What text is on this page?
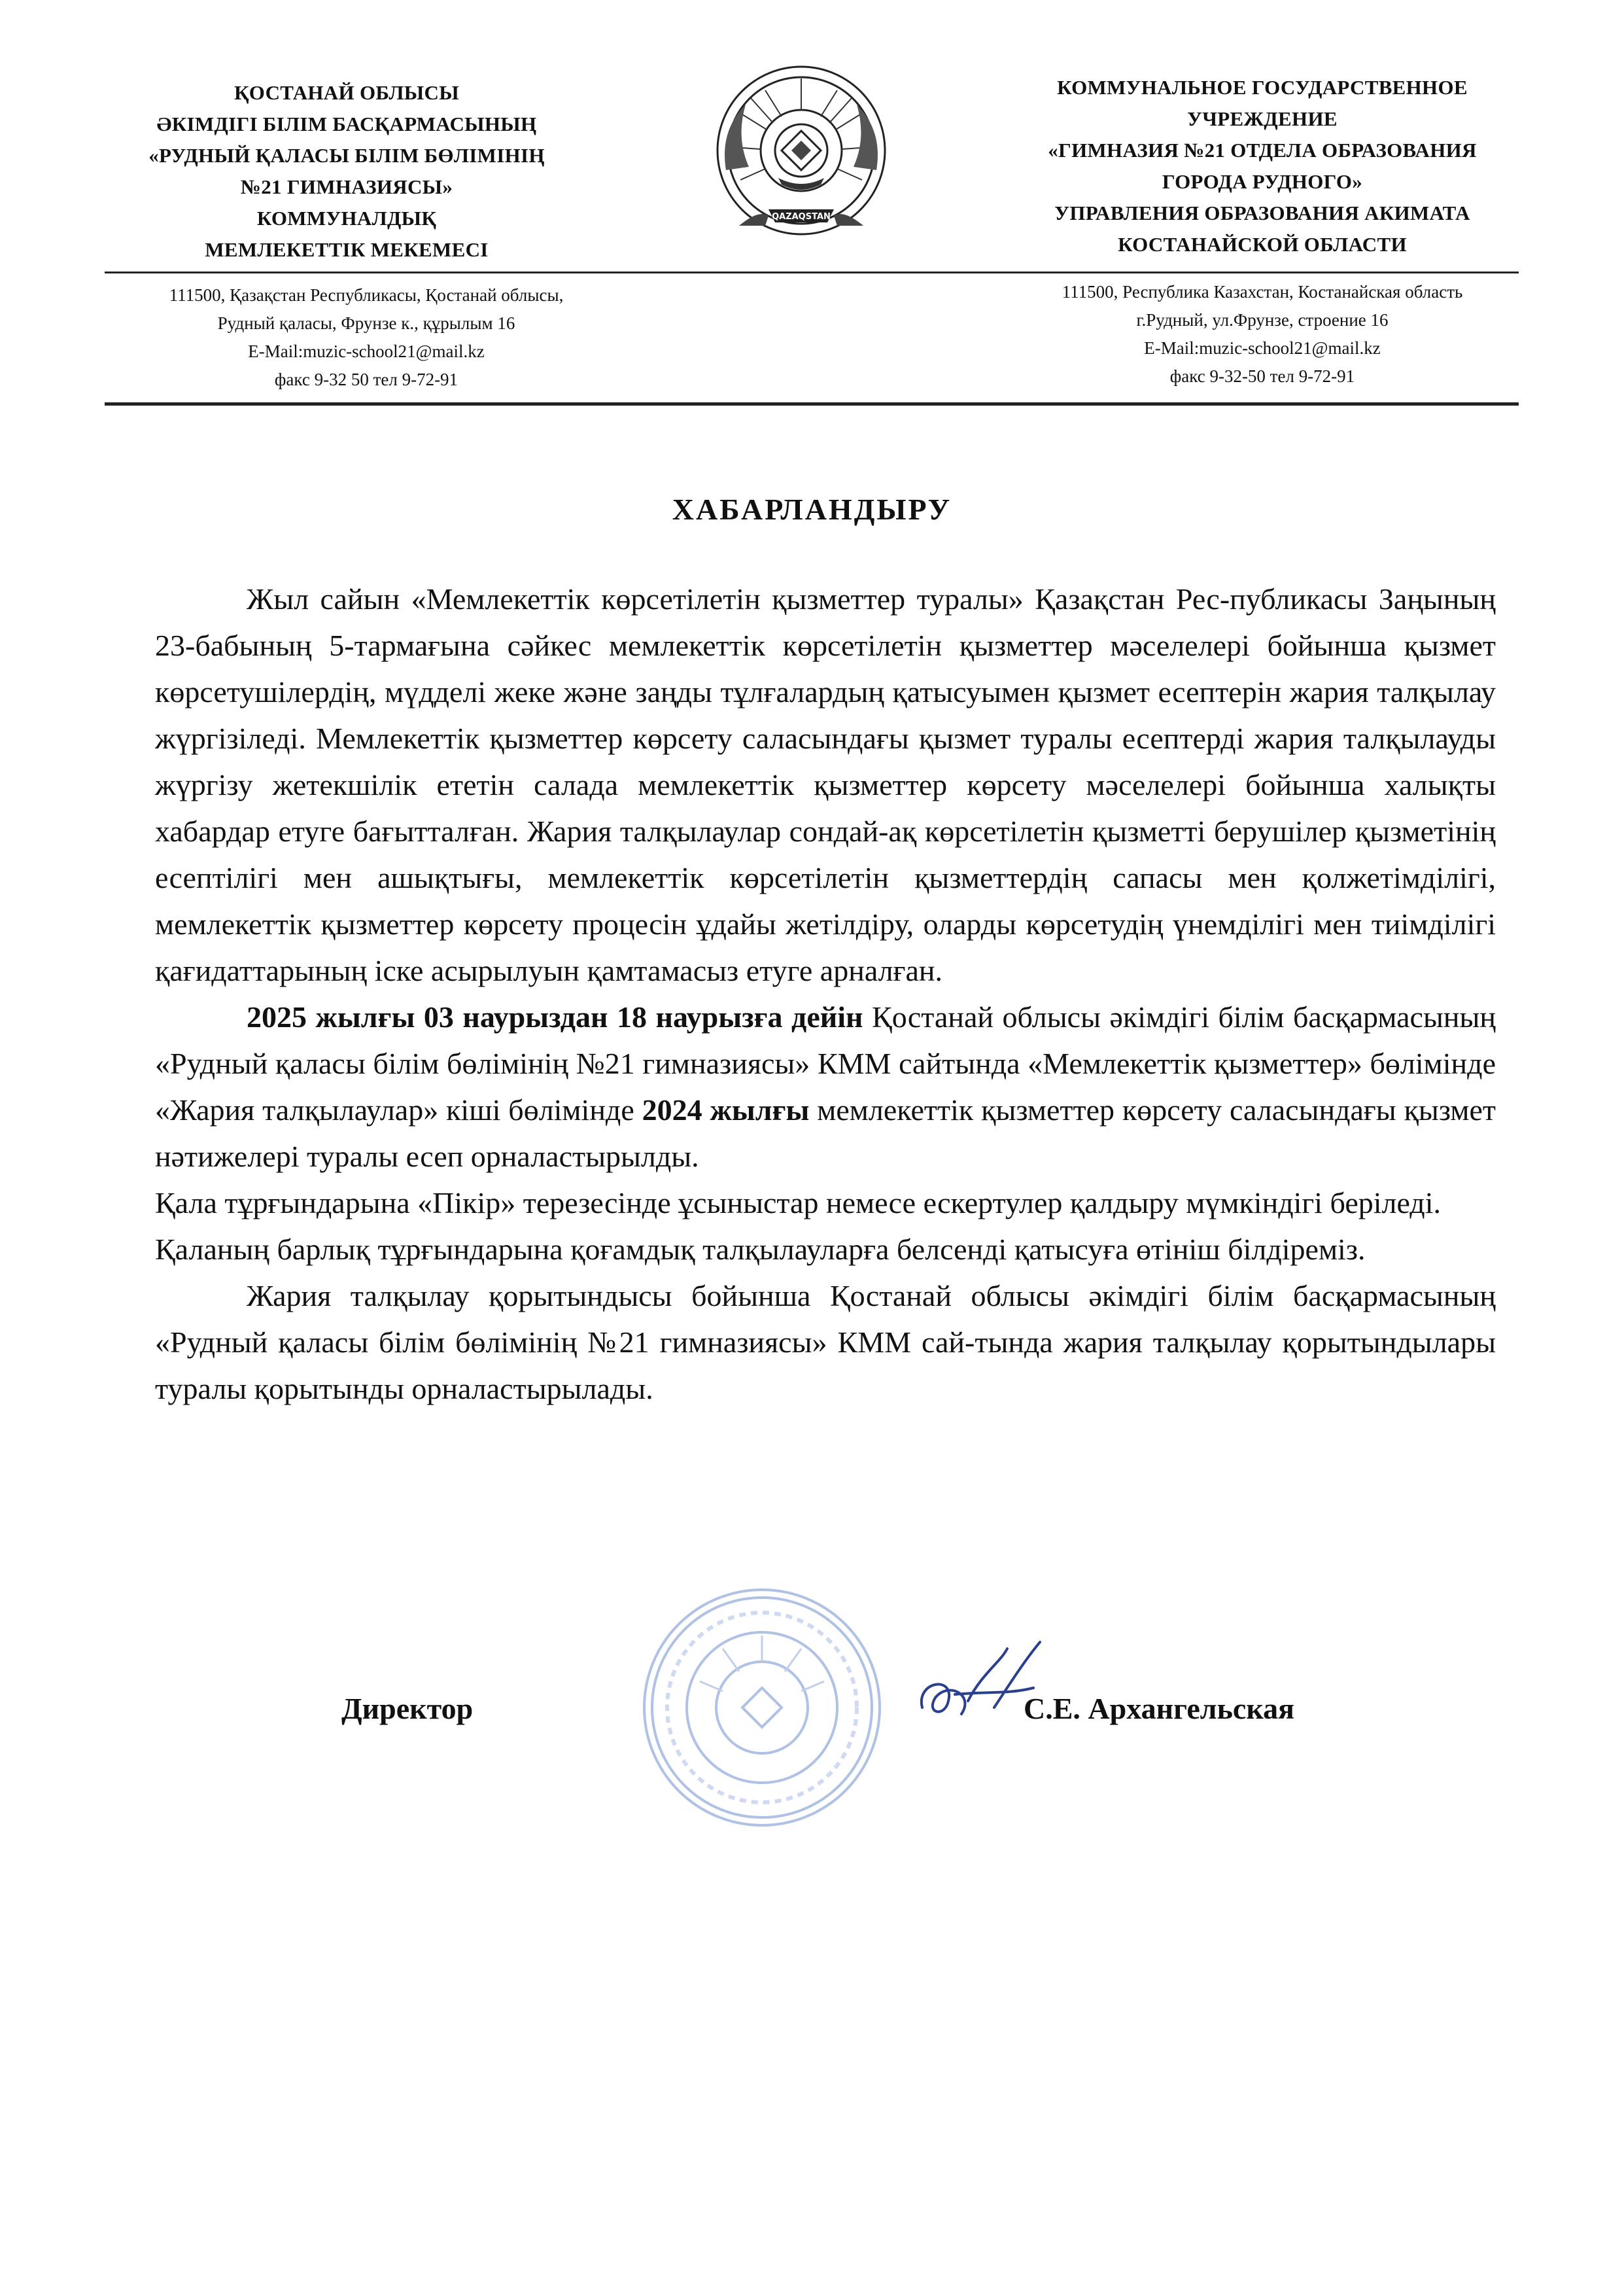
ҚОСТАНАЙ ОБЛЫСЫ
ӘКІМДІГІ БІЛІМ БАСҚАРМАСЫНЫҢ
«РУДНЫЙ ҚАЛАСЫ БІЛІМ БӨЛІМІНІҢ
№21 ГИМНАЗИЯСЫ»
КОММУНАЛДЫҚ
МЕМЛЕКЕТТІК МЕКЕМЕСІ
QAZAQSTAN
КОММУНАЛЬНОЕ ГОСУДАРСТВЕННОЕ
УЧРЕЖДЕНИЕ
«ГИМНАЗИЯ №21 ОТДЕЛА ОБРАЗОВАНИЯ
ГОРОДА РУДНОГО»
УПРАВЛЕНИЯ ОБРАЗОВАНИЯ АКИМАТА
КОСТАНАЙСКОЙ ОБЛАСТИ
111500, Қазақстан Республикасы, Қостанай облысы,
Рудный қаласы, Фрунзе к., құрылым 16
E-Mail:muzic-school21@mail.kz
факс 9-32 50 тел 9-72-91
111500, Республика Казахстан, Костанайская область
г.Рудный, ул.Фрунзе, строение 16
E-Mail:muzic-school21@mail.kz
факс 9-32-50 тел 9-72-91
ХАБАРЛАНДЫРУ

Жыл сайын «Мемлекеттік көрсетілетін қызметтер туралы» Қазақстан Рес-публикасы Заңының 23-бабының 5-тармағына сәйкес мемлекеттік көрсетілетін қызметтер мәселелері бойынша қызмет көрсетушілердің, мүдделі жеке және заңды тұлғалардың қатысуымен қызмет есептерін жария талқылау жүргізіледі. Мемлекеттік қызметтер көрсету саласындағы қызмет туралы есептерді жария талқылауды жүргізу жетекшілік ететін салада мемлекеттік қызметтер көрсету мәселелері бойынша халықты хабардар етуге бағытталған. Жария талқылаулар сондай-ақ көрсетілетін қызметті берушілер қызметінің есептілігі мен ашықтығы, мемлекеттік көрсетілетін қызметтердің сапасы мен қолжетімділігі, мемлекеттік қызметтер көрсету процесін ұдайы жетілдіру, оларды көрсетудің үнемділігі мен тиімділігі қағидаттарының іске асырылуын қамтамасыз етуге арналған.

2025 жылғы 03 наурыздан 18 наурызға дейін Қостанай облысы әкімдігі білім басқармасының «Рудный қаласы білім бөлімінің №21 гимназиясы» КММ сайтында «Мемлекеттік қызметтер» бөлімінде «Жария талқылаулар» кіші бөлімінде 2024 жылғы мемлекеттік қызметтер көрсету саласындағы қызмет нәтижелері туралы есеп орналастырылды.

Қала тұрғындарына «Пікір» терезесінде ұсыныстар немесе ескертулер қалдыру мүмкіндігі беріледі.

Қаланың барлық тұрғындарына қоғамдық талқылауларға белсенді қатысуға өтініш білдіреміз.

Жария талқылау қорытындысы бойынша Қостанай облысы әкімдігі білім басқармасының «Рудный қаласы білім бөлімінің №21 гимназиясы» КММ сай-тында жария талқылау қорытындылары туралы қорытынды орналастырылады.

Директор	С.Е. Архангельская
